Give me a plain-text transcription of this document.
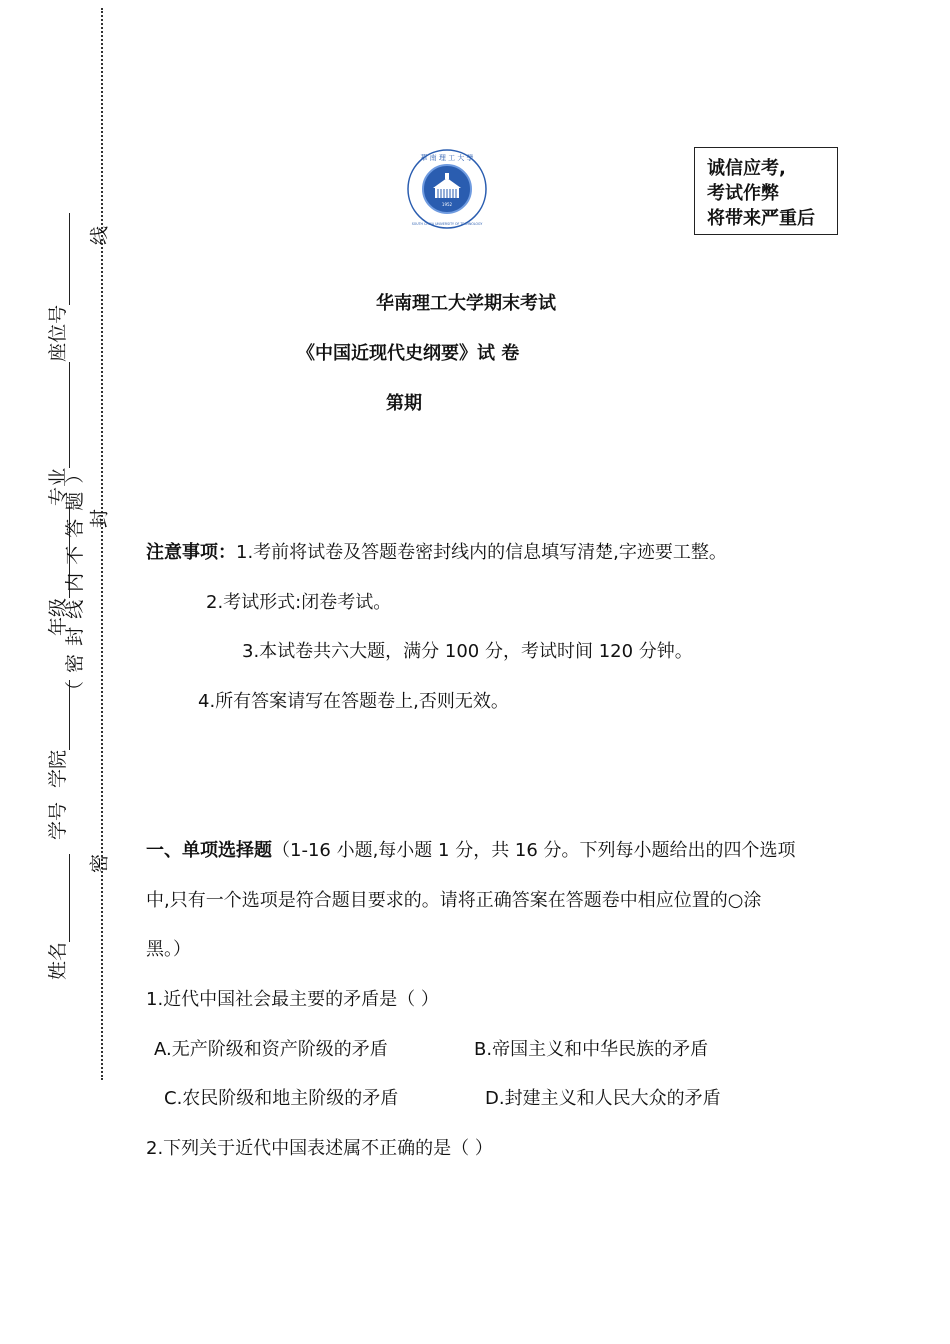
线
封
密
姓名
学号
学院
年级
专业
座位号
（ 密 封 线 内 不 答 题 ）
華 南 理 工 大 學
SOUTH CHINA UNIVERSITY OF TECHNOLOGY
1952
诚信应考,
考试作弊
将带来严重后
华南理工大学期末考试
《中国近现代史纲要》试 卷
第期
注意事项：1.考前将试卷及答题卷密封线内的信息填写清楚,字迹要工整。
2.考试形式:闭卷考试。
3.本试卷共六大题，满分 100 分，考试时间 120 分钟。
4.所有答案请写在答题卷上,否则无效。
一、单项选择题（1-16 小题,每小题 1 分，共 16 分。下列每小题给出的四个选项
中,只有一个选项是符合题目要求的。请将正确答案在答题卷中相应位置的○涂
黑。）
1.近代中国社会最主要的矛盾是（ ）
A.无产阶级和资产阶级的矛盾	B.帝国主义和中华民族的矛盾
C.农民阶级和地主阶级的矛盾	D.封建主义和人民大众的矛盾
2.下列关于近代中国表述属不正确的是（ ）
